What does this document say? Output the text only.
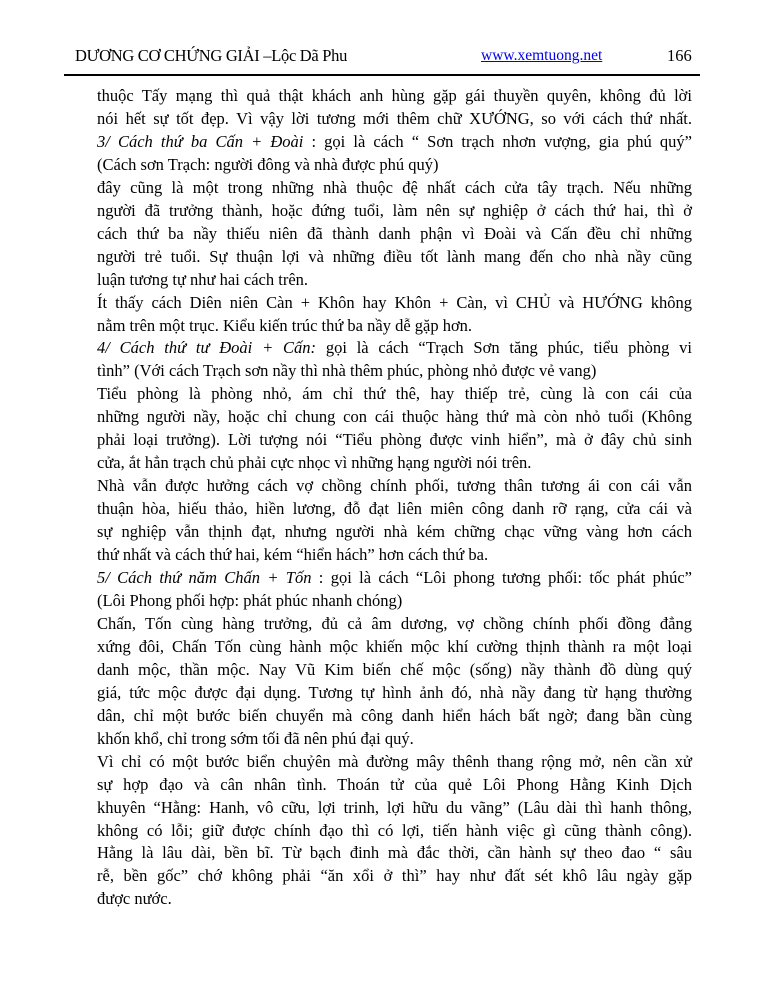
DƯƠNG CƠ CHỨNG GIẢI –Lộc Dã Phu	www.xemtuong.net	166
thuộc Tấy mạng thì quả thật khách anh hùng gặp gái thuyền quyên, không đủ lời
nói hết sự tốt đẹp. Vì vậy lời tương mới thêm chữ XƯỚNG, so với cách thứ nhất.
3/ Cách thứ ba Cấn + Đoài : gọi là cách “ Sơn trạch nhơn vượng, gia phú quý”
(Cách sơn Trạch: người đông và nhà được phú quý)
đây cũng là một trong những nhà thuộc đệ nhất cách cửa tây trạch. Nếu những
người đã trưởng thành, hoặc đứng tuổi, làm nên sự nghiệp ở cách thứ hai, thì ở
cách thứ ba nầy thiếu niên đã thành danh phận vì Đoài và Cấn đều chỉ những
người trẻ tuổi. Sự thuận lợi và những điều tốt lành mang đến cho nhà nầy cũng
luận tương tự như hai cách trên.
Ít thấy cách Diên niên Càn + Khôn hay Khôn + Càn, vì CHỦ và HƯỚNG không
nằm trên một trục. Kiểu kiến trúc thứ ba nầy dễ gặp hơn.
4/ Cách thứ tư Đoài + Cấn: gọi là cách “Trạch Sơn tăng phúc, tiểu phòng vi
tình” (Với cách Trạch sơn nầy thì nhà thêm phúc, phòng nhỏ được vẻ vang)
Tiểu phòng là phòng nhỏ, ám chỉ thứ thê, hay thiếp trẻ, cùng là con cái của
những người nầy, hoặc chỉ chung con cái thuộc hàng thứ mà còn nhỏ tuổi (Không
phải loại trưởng). Lời tượng nói “Tiểu phòng được vinh hiển”, mà ở đây chủ sinh
cửa, ắt hẳn trạch chủ phải cực nhọc vì những hạng người nói trên.
Nhà vẫn được hưởng cách vợ chồng chính phối, tương thân tương ái con cái vẫn
thuận hòa, hiếu thảo, hiền lương, đỗ đạt liên miên công danh rỡ rạng, cửa cái và
sự nghiệp vẫn thịnh đạt, nhưng người nhà kém chững chạc vững vàng hơn cách
thứ nhất và cách thứ hai, kém “hiển hách” hơn cách thứ ba.
5/ Cách thứ năm Chấn + Tốn : gọi là cách “Lôi phong tương phối: tốc phát phúc”
(Lôi Phong phối hợp: phát phúc nhanh chóng)
Chấn, Tốn cùng hàng trưởng, đủ cả âm dương, vợ chồng chính phối đồng đẳng
xứng đôi, Chấn Tốn cùng hành mộc khiến mộc khí cường thịnh thành ra một loại
danh mộc, thần mộc. Nay Vũ Kim biến chế mộc (sống) nầy thành đồ dùng quý
giá, tức mộc được đại dụng. Tương tự hình ảnh đó, nhà nầy đang từ hạng thường
dân, chỉ một bước biến chuyển mà công danh hiển hách bất ngờ; đang bần cùng
khốn khổ, chỉ trong sớm tối đã nên phú đại quý.
Vì chỉ có một bước biển chuỷên mà đường mây thênh thang rộng mở, nên cần xử
sự hợp đạo và cân nhân tình. Thoán tử của quẻ Lôi Phong Hằng Kinh Dịch
khuyên “Hằng: Hanh, vô cữu, lợi trinh, lợi hữu du vãng” (Lâu dài thì hanh thông,
không có lỗi; giữ được chính đạo thì có lợi, tiến hành việc gì cũng thành công).
Hằng là lâu dài, bền bĩ. Từ bạch đinh mà đắc thời, cần hành sự theo đao “ sâu
rễ, bền gốc” chớ không phải “ăn xổi ở thì” hay như đất sét khô lâu ngày gặp
được nước.
